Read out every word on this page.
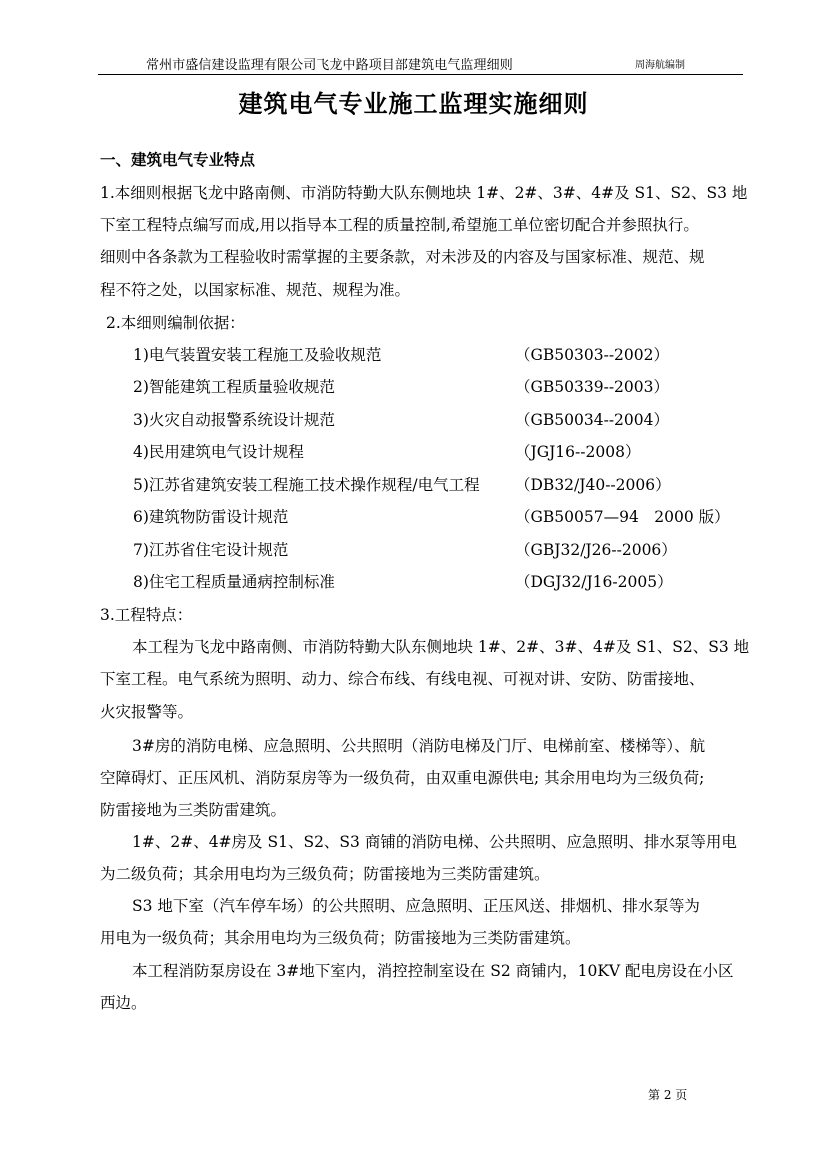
常州市盛信建设监理有限公司飞龙中路项目部建筑电气监理细则	周海航编制
建筑电气专业施工监理实施细则
一、建筑电气专业特点
1.本细则根据飞龙中路南侧、市消防特勤大队东侧地块 1#、2#、3#、4#及 S1、S2、S3 地
下室工程特点编写而成,用以指导本工程的质量控制,希望施工单位密切配合并参照执行。
细则中各条款为工程验收时需掌握的主要条款，对未涉及的内容及与国家标准、规范、规
程不符之处，以国家标准、规范、规程为准。
2.本细则编制依据：
1)电气装置安装工程施工及验收规范	（GB50303--2002）
2)智能建筑工程质量验收规范	（GB50339--2003）
3)火灾自动报警系统设计规范	（GB50034--2004）
4)民用建筑电气设计规程	（JGJ16--2008）
5)江苏省建筑安装工程施工技术操作规程/电气工程 （DB32/J40--2006）
6)建筑物防雷设计规范	（GB50057—94　2000 版）
7)江苏省住宅设计规范	（GBJ32/J26--2006）
8)住宅工程质量通病控制标准	（DGJ32/J16-2005）
3.工程特点：
本工程为飞龙中路南侧、市消防特勤大队东侧地块 1#、2#、3#、4#及 S1、S2、S3 地
下室工程。电气系统为照明、动力、综合布线、有线电视、可视对讲、安防、防雷接地、
火灾报警等。
3#房的消防电梯、应急照明、公共照明（消防电梯及门厅、电梯前室、楼梯等）、航
空障碍灯、正压风机、消防泵房等为一级负荷，由双重电源供电; 其余用电均为三级负荷;
防雷接地为三类防雷建筑。
1#、2#、4#房及 S1、S2、S3 商铺的消防电梯、公共照明、应急照明、排水泵等用电
为二级负荷；其余用电均为三级负荷；防雷接地为三类防雷建筑。
S3 地下室（汽车停车场）的公共照明、应急照明、正压风送、排烟机、排水泵等为
用电为一级负荷；其余用电均为三级负荷；防雷接地为三类防雷建筑。
本工程消防泵房设在 3#地下室内，消控控制室设在 S2 商铺内，10KV 配电房设在小区
西边。
第 2 页
